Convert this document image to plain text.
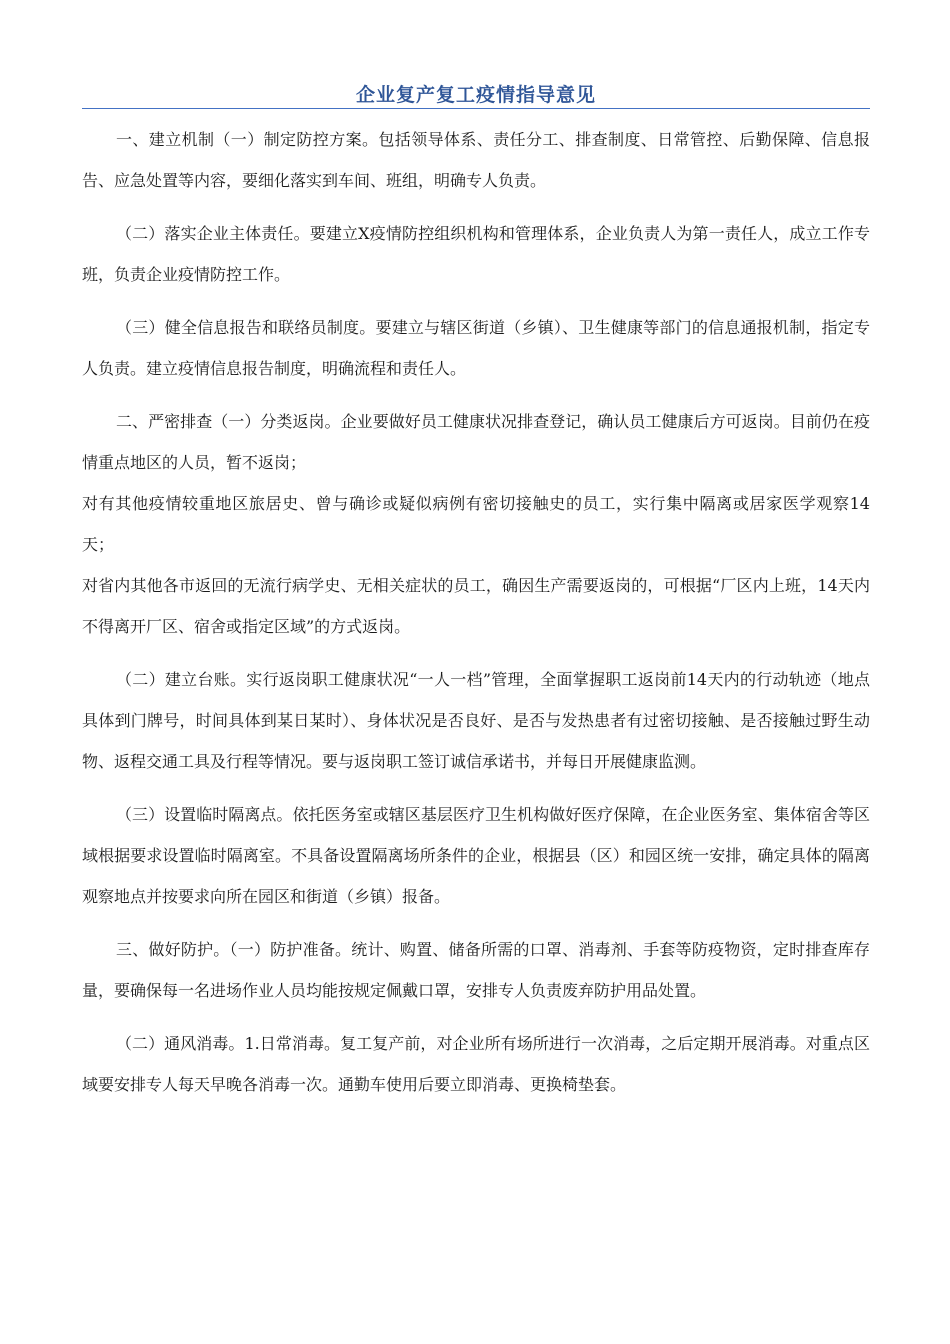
企业复产复工疫情指导意见

一、建立机制（一）制定防控方案。包括领导体系、责任分工、排查制度、日常管控、后勤保障、信息报告、应急处置等内容，要细化落实到车间、班组，明确专人负责。

（二）落实企业主体责任。要建立X疫情防控组织机构和管理体系，企业负责人为第一责任人，成立工作专班，负责企业疫情防控工作。

（三）健全信息报告和联络员制度。要建立与辖区街道（乡镇）、卫生健康等部门的信息通报机制，指定专人负责。建立疫情信息报告制度，明确流程和责任人。

二、严密排查（一）分类返岗。企业要做好员工健康状况排查登记，确认员工健康后方可返岗。目前仍在疫情重点地区的人员，暂不返岗；

对有其他疫情较重地区旅居史、曾与确诊或疑似病例有密切接触史的员工，实行集中隔离或居家医学观察14天；

对省内其他各市返回的无流行病学史、无相关症状的员工，确因生产需要返岗的，可根据“厂区内上班，14天内不得离开厂区、宿舍或指定区域”的方式返岗。

（二）建立台账。实行返岗职工健康状况“一人一档”管理，全面掌握职工返岗前14天内的行动轨迹（地点具体到门牌号，时间具体到某日某时）、身体状况是否良好、是否与发热患者有过密切接触、是否接触过野生动物、返程交通工具及行程等情况。要与返岗职工签订诚信承诺书，并每日开展健康监测。

（三）设置临时隔离点。依托医务室或辖区基层医疗卫生机构做好医疗保障，在企业医务室、集体宿舍等区域根据要求设置临时隔离室。不具备设置隔离场所条件的企业，根据县（区）和园区统一安排，确定具体的隔离观察地点并按要求向所在园区和街道（乡镇）报备。

三、做好防护。（一）防护准备。统计、购置、储备所需的口罩、消毒剂、手套等防疫物资，定时排查库存量，要确保每一名进场作业人员均能按规定佩戴口罩，安排专人负责废弃防护用品处置。

（二）通风消毒。1.日常消毒。复工复产前，对企业所有场所进行一次消毒，之后定期开展消毒。对重点区域要安排专人每天早晚各消毒一次。通勤车使用后要立即消毒、更换椅垫套。
